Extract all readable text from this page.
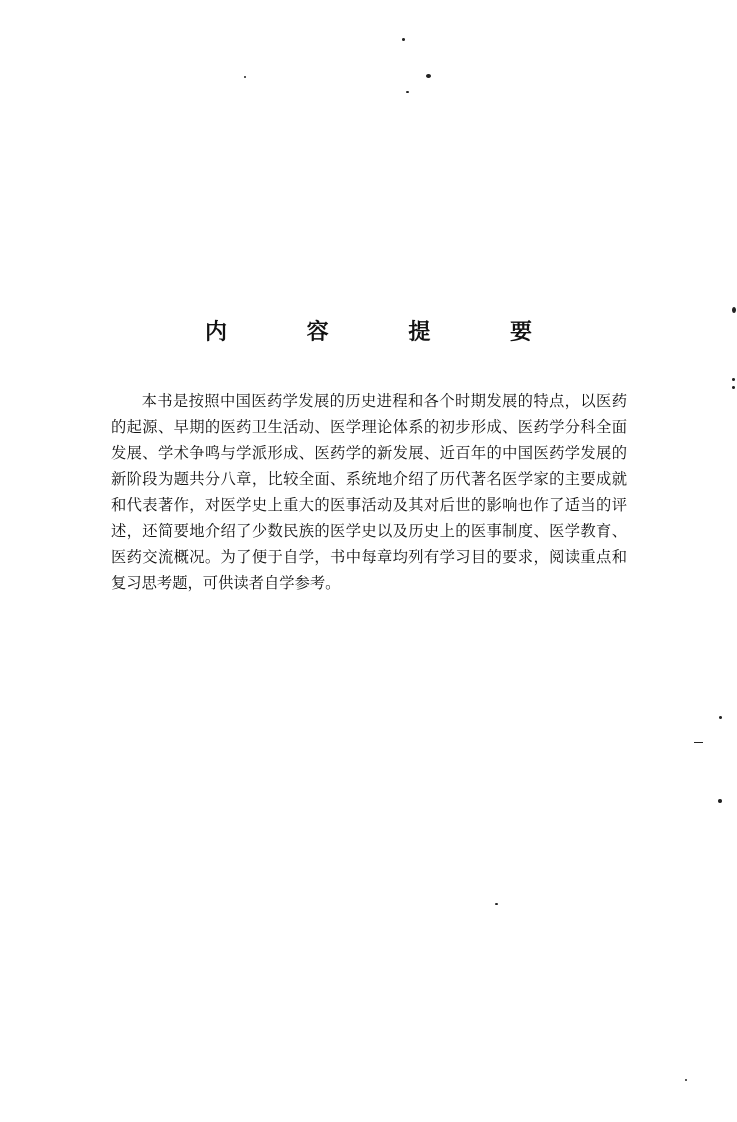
内 容 提 要

本书是按照中国医药学发展的历史进程和各个时期发展的特点，以医药的起源、早期的医药卫生活动、医学理论体系的初步形成、医药学分科全面发展、学术争鸣与学派形成、医药学的新发展、近百年的中国医药学发展的新阶段为题共分八章，比较全面、系统地介绍了历代著名医学家的主要成就和代表著作，对医学史上重大的医事活动及其对后世的影响也作了适当的评述，还简要地介绍了少数民族的医学史以及历史上的医事制度、医学教育、医药交流概况。为了便于自学，书中每章均列有学习目的要求，阅读重点和复习思考题，可供读者自学参考。
